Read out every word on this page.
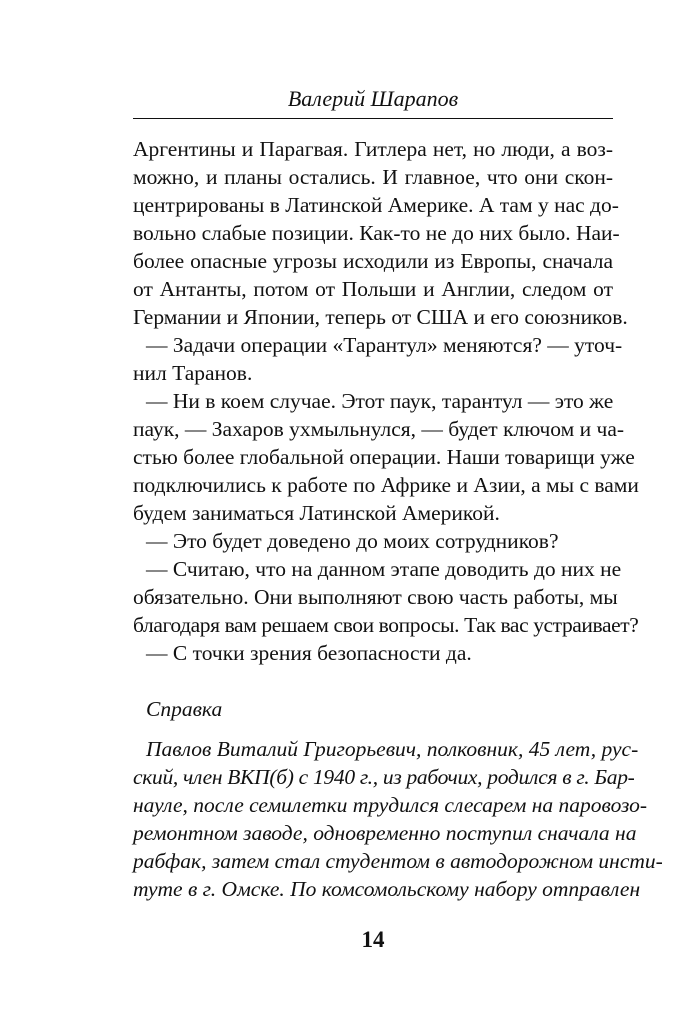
Валерий Шарапов
Аргентины и Парагвая. Гитлера нет, но люди, а воз-
можно, и планы остались. И главное, что они скон-
центрированы в Латинской Америке. А там у нас до-
вольно слабые позиции. Как-то не до них было. Наи-
более опасные угрозы исходили из Европы, сначала
от Антанты, потом от Польши и Англии, следом от
Германии и Японии, теперь от США и его союзников.
— Задачи операции «Тарантул» меняются? — уточ-
нил Таранов.
— Ни в коем случае. Этот паук, тарантул — это же
паук, — Захаров ухмыльнулся, — будет ключом и ча-
стью более глобальной операции. Наши товарищи уже
подключились к работе по Африке и Азии, а мы с вами
будем заниматься Латинской Америкой.
— Это будет доведено до моих сотрудников?
— Считаю, что на данном этапе доводить до них не
обязательно. Они выполняют свою часть работы, мы
благодаря вам решаем свои вопросы. Так вас устраивает?
— С точки зрения безопасности да.
Справка
Павлов Виталий Григорьевич, полковник, 45 лет, рус-
ский, член ВКП(б) с 1940 г., из рабочих, родился в г. Бар-
науле, после семилетки трудился слесарем на паровозо-
ремонтном заводе, одновременно поступил сначала на
рабфак, затем стал студентом в автодорожном инсти-
туте в г. Омске. По комсомольскому набору отправлен
14
